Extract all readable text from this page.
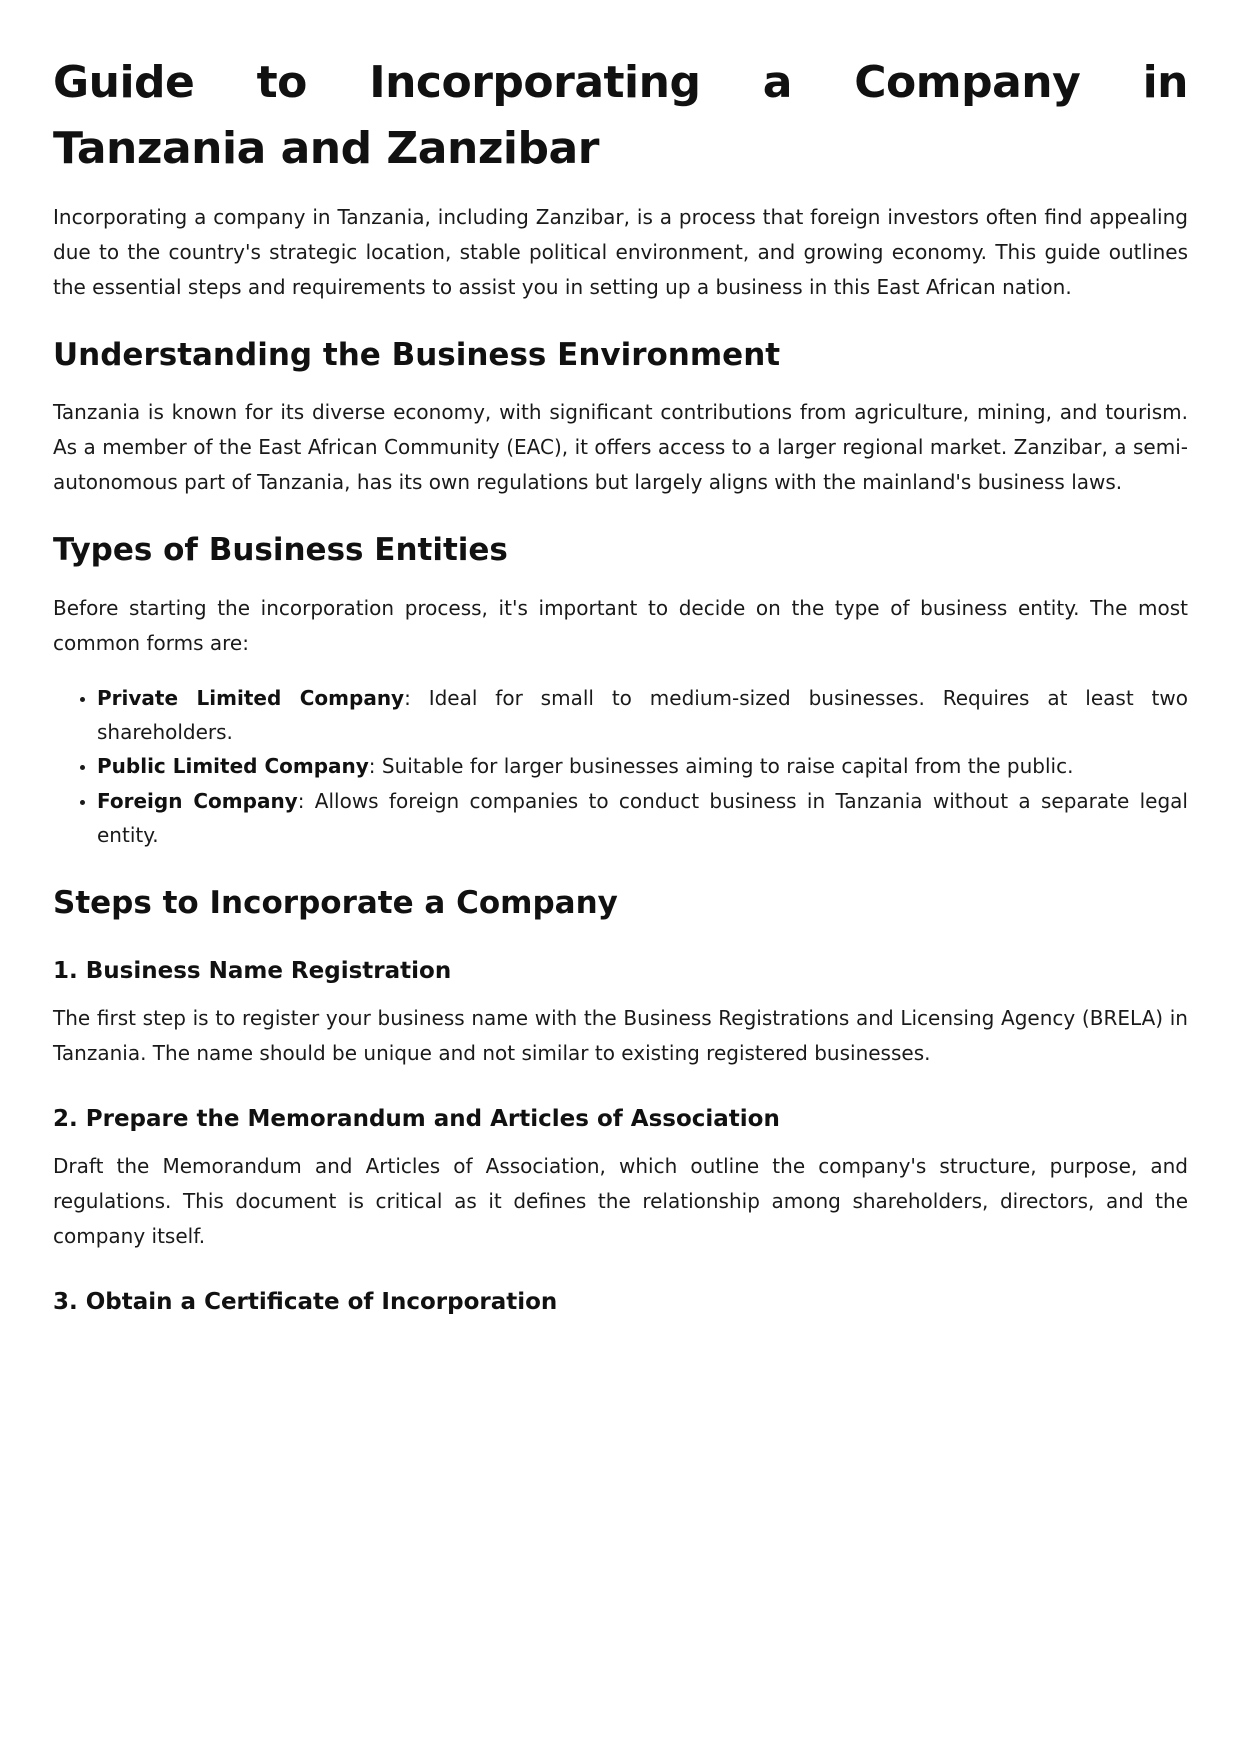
Guide to Incorporating a Company in
Tanzania and Zanzibar

Incorporating a company in Tanzania, including Zanzibar, is a process that foreign investors often find appealing due to the country's strategic location, stable political environment, and growing economy. This guide outlines the essential steps and requirements to assist you in setting up a business in this East African nation.

Understanding the Business Environment

Tanzania is known for its diverse economy, with significant contributions from agriculture, mining, and tourism. As a member of the East African Community (EAC), it offers access to a larger regional market. Zanzibar, a semi-autonomous part of Tanzania, has its own regulations but largely aligns with the mainland's business laws.

Types of Business Entities

Before starting the incorporation process, it's important to decide on the type of business entity. The most common forms are:

• Private Limited Company: Ideal for small to medium-sized businesses. Requires at least two shareholders.
• Public Limited Company: Suitable for larger businesses aiming to raise capital from the public.
• Foreign Company: Allows foreign companies to conduct business in Tanzania without a separate legal entity.
Steps to Incorporate a Company
1. Business Name Registration

The first step is to register your business name with the Business Registrations and Licensing Agency (BRELA) in Tanzania. The name should be unique and not similar to existing registered businesses.

2. Prepare the Memorandum and Articles of Association

Draft the Memorandum and Articles of Association, which outline the company's structure, purpose, and regulations. This document is critical as it defines the relationship among shareholders, directors, and the company itself.

3. Obtain a Certificate of Incorporation
